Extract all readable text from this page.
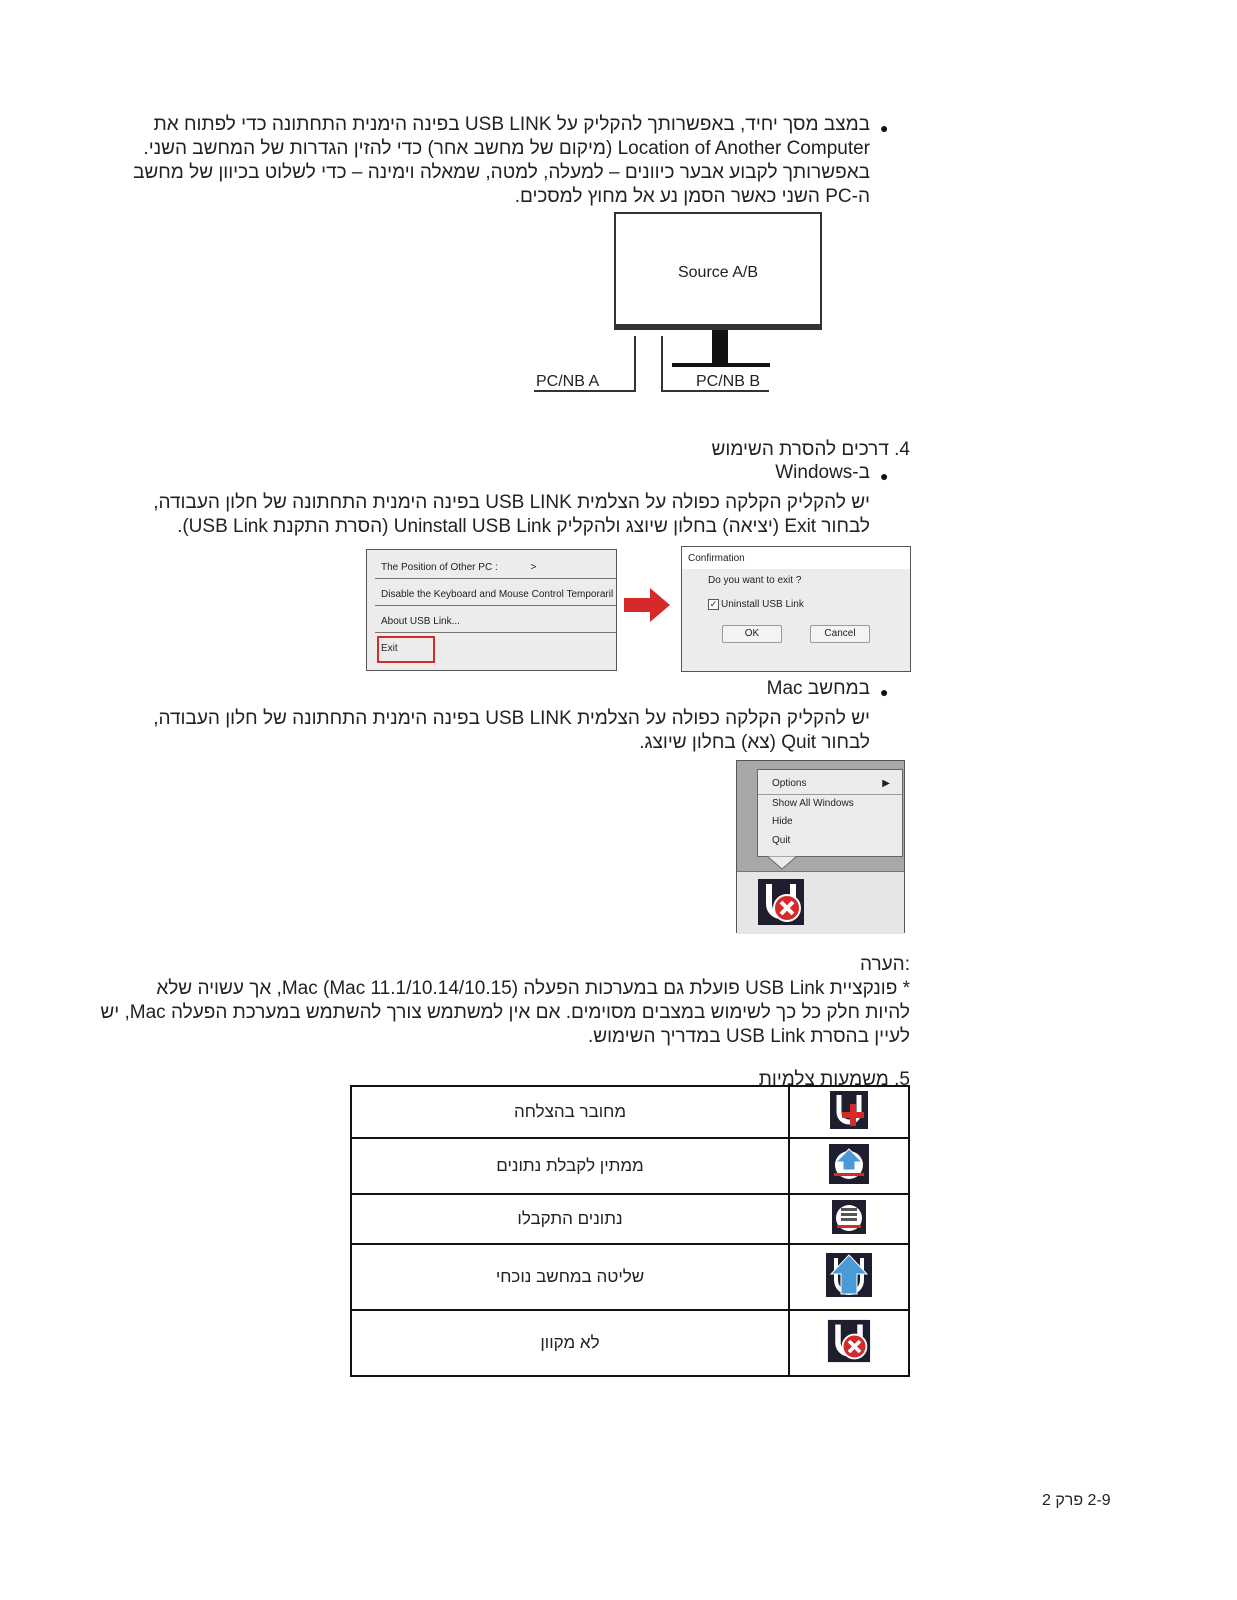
●
במצב מסך יחיד, באפשרותך להקליק על USB LINK בפינה הימנית התחתונה כדי לפתוח את
Location of Another Computer (מיקום של מחשב אחר) כדי להזין הגדרות של המחשב השני.
באפשרותך לקבוע אבער כיוונים – למעלה, למטה, שמאלה וימינה – כדי לשלוט בכיוון של מחשב
ה-PC השני כאשר הסמן נע אל מחוץ למסכים.
Source A/B
PC/NB A	PC/NB B
4. דרכים להסרת השימוש
●
ב-Windows
יש להקליק הקלקה כפולה על הצלמית USB LINK בפינה הימנית התחתונה של חלון העבודה,
לבחור Exit (יציאה) בחלון שיוצג ולהקליק Uninstall USB Link (הסרת התקנת USB Link).
The Position of Other PC :	>
Disable the Keyboard and Mouse Control Temporaril
About USB Link...
Exit
Confirmation
Do you want to exit ?
✓ Uninstall USB Link
OK	Cancel
●
במחשב Mac
יש להקליק הקלקה כפולה על הצלמית USB LINK בפינה הימנית התחתונה של חלון העבודה,
לבחור Quit (צא) בחלון שיוצג.
Options	▶
Show All Windows
Hide
Quit
:הערה
* פונקציית USB Link פועלת גם במערכות הפעלה Mac (Mac 11.1/10.14/10.15), אך עשויה שלא
להיות חלק כל כך לשימוש במצבים מסוימים. אם אין למשתמש צורך להשתמש במערכת הפעלה Mac, יש
לעיין בהסרת USB Link במדריך השימוש.
5. משמעות צלמיות
מחובר בהצלחה	
ממתין לקבלת נתונים	
נתונים התקבלו	
שליטה במחשב נוכחי	
לא מקוון	
2-9 פרק 2
